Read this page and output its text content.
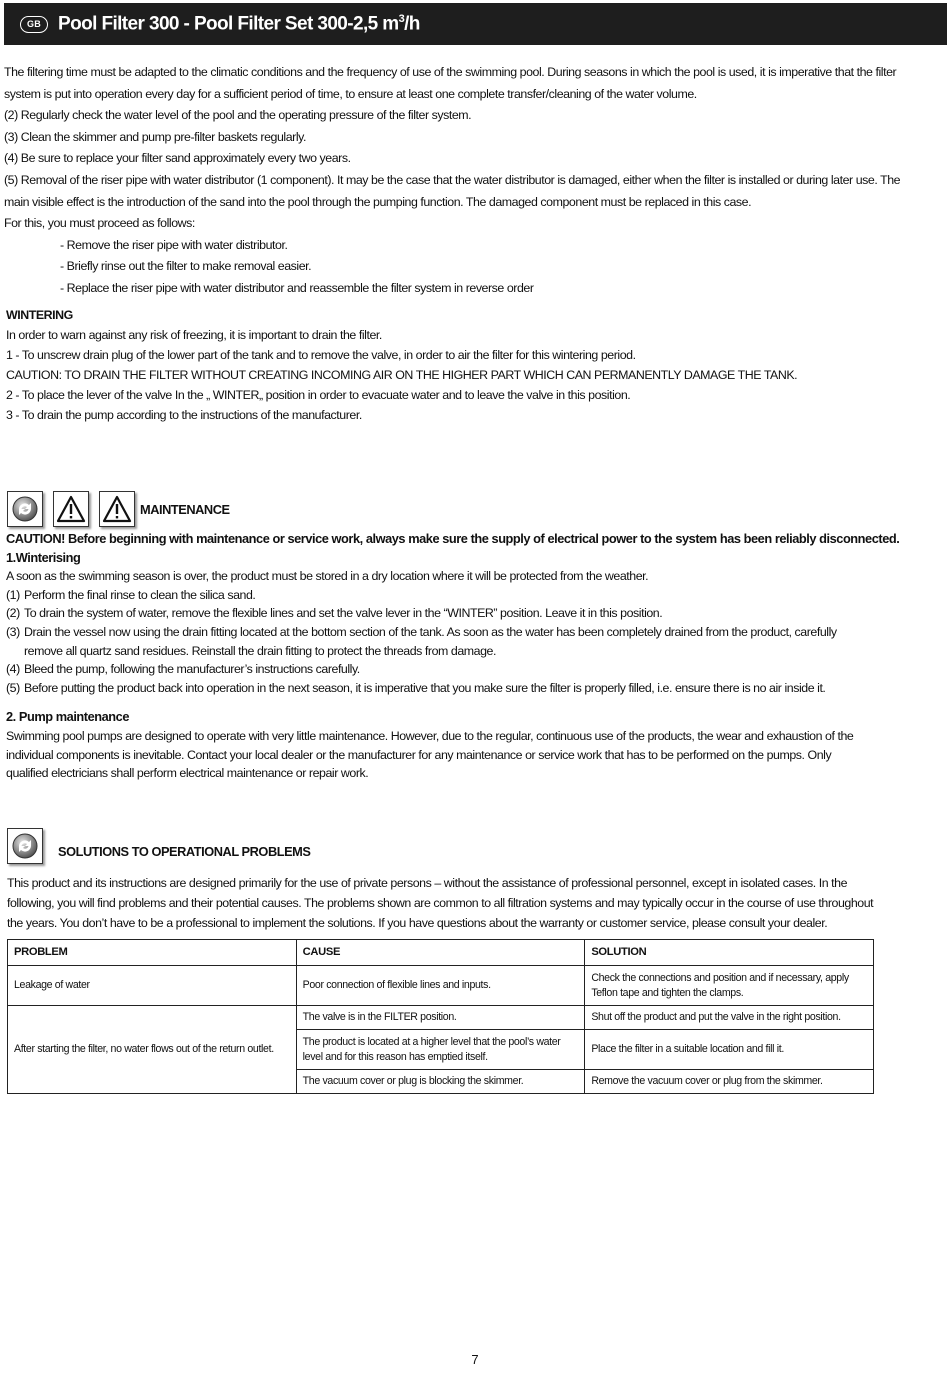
GB Pool Filter 300 - Pool Filter Set 300-2,5 $m^3/h$

The filtering time must be adapted to the climatic conditions and the frequency of use of the swimming pool. During seasons in which the pool is used, it is imperative that the filter system is put into operation every day for a sufficient period of time, to ensure at least one complete transfer/cleaning of the water volume.

(2) Regularly check the water level of the pool and the operating pressure of the filter system.

(3) Clean the skimmer and pump pre-filter baskets regularly.

(4) Be sure to replace your filter sand approximately every two years.

(5) Removal of the riser pipe with water distributor (1 component). It may be the case that the water distributor is damaged, either when the filter is installed or during later use. The main visible effect is the introduction of the sand into the pool through the pumping function. The damaged component must be replaced in this case.

For this, you must proceed as follows:

- Remove the riser pipe with water distributor.

- Briefly rinse out the filter to make removal easier.

- Replace the riser pipe with water distributor and reassemble the filter system in reverse order

WINTERING

In order to warn against any risk of freezing, it is important to drain the filter.

1 - To unscrew drain plug of the lower part of the tank and to remove the valve, in order to air the filter for this wintering period.

CAUTION: TO DRAIN THE FILTER WITHOUT CREATING INCOMING AIR ON THE HIGHER PART WHICH CAN PERMANENTLY DAMAGE THE TANK.

2 - To place the lever of the valve In the „ WINTER„ position in order to evacuate water and to leave the valve in this position.

3 - To drain the pump according to the instructions of the manufacturer.

MAINTENANCE

CAUTION! Before beginning with maintenance or service work, always make sure the supply of electrical power to the system has been reliably disconnected.

1.Winterising

A soon as the swimming season is over, the product must be stored in a dry location where it will be protected from the weather.

(1) Perform the final rinse to clean the silica sand.
(2) To drain the system of water, remove the flexible lines and set the valve lever in the “WINTER” position. Leave it in this position.
(3) Drain the vessel now using the drain fitting located at the bottom section of the tank. As soon as the water has been completely drained from the product, carefully remove all quartz sand residues. Reinstall the drain fitting to protect the threads from damage.
(4) Bleed the pump, following the manufacturer’s instructions carefully.
(5) Before putting the product back into operation in the next season, it is imperative that you make sure the filter is properly filled, i.e. ensure there is no air inside it.

2. Pump maintenance

Swimming pool pumps are designed to operate with very little maintenance. However, due to the regular, continuous use of the products, the wear and exhaustion of the individual components is inevitable. Contact your local dealer or the manufacturer for any maintenance or service work that has to be performed on the pumps. Only qualified electricians shall perform electrical maintenance or repair work.

SOLUTIONS TO OPERATIONAL PROBLEMS
This product and its instructions are designed primarily for the use of private persons – without the assistance of professional personnel, except in isolated cases. In the following, you will find problems and their potential causes. The problems shown are common to all filtration systems and may typically occur in the course of use throughout the years. You don’t have to be a professional to implement the solutions. If you have questions about the warranty or customer service, please consult your dealer.
PROBLEM	CAUSE	SOLUTION
Leakage of water	Poor connection of flexible lines and inputs.	Check the connections and position and if necessary, apply Teflon tape and tighten the clamps.
After starting the filter, no water flows out of the return outlet.	The valve is in the FILTER position.	Shut off the product and put the valve in the right position.
	The product is located at a higher level that the pool’s water level and for this reason has emptied itself.	Place the filter in a suitable location and fill it.
	The vacuum cover or plug is blocking the skimmer.	Remove the vacuum cover or plug from the skimmer.
7
